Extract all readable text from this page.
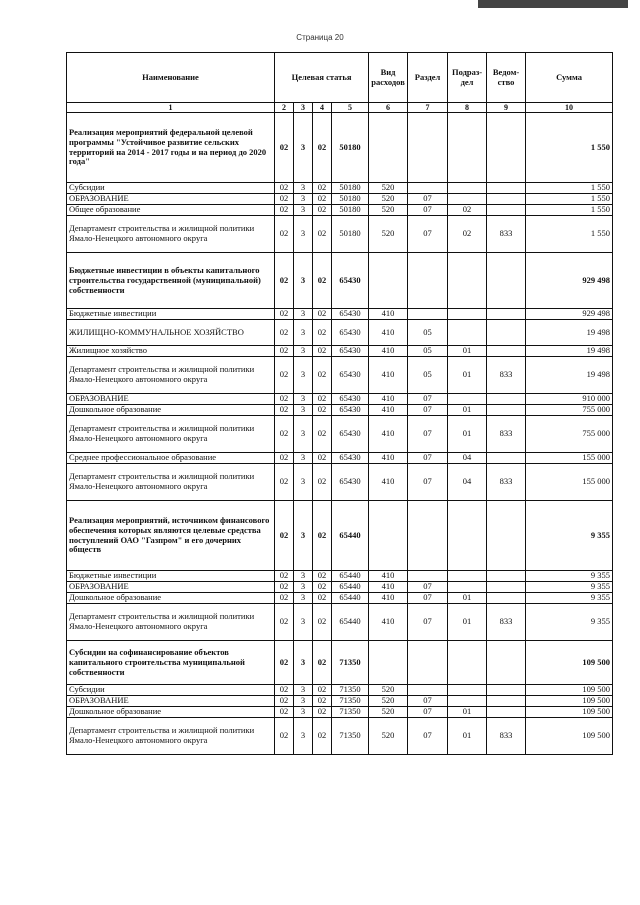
Страница 20
Наименование	Целевая статья				Вид расходов	Раздел	Подраз-дел	Ведом-ство	Сумма
1	2	3	4	5	6	7	8	9	10
Реализация мероприятий федеральной целевой программы "Устойчивое развитие сельских территорий на 2014 - 2017 годы и на период до 2020 года"	02	3	02	50180					1 550
Субсидии	02	3	02	50180	520				1 550
ОБРАЗОВАНИЕ	02	3	02	50180	520	07			1 550
Общее образование	02	3	02	50180	520	07	02		1 550
Департамент строительства и жилищной политики Ямало-Ненецкого автономного округа	02	3	02	50180	520	07	02	833	1 550
Бюджетные инвестиции в объекты капитального строительства государственной (муниципальной) собственности	02	3	02	65430					929 498
Бюджетные инвестиции	02	3	02	65430	410				929 498
ЖИЛИЩНО-КОММУНАЛЬНОЕ ХОЗЯЙСТВО	02	3	02	65430	410	05			19 498
Жилищное хозяйство	02	3	02	65430	410	05	01		19 498
Департамент строительства и жилищной политики Ямало-Ненецкого автономного округа	02	3	02	65430	410	05	01	833	19 498
ОБРАЗОВАНИЕ	02	3	02	65430	410	07			910 000
Дошкольное образование	02	3	02	65430	410	07	01		755 000
Департамент строительства и жилищной политики Ямало-Ненецкого автономного округа	02	3	02	65430	410	07	01	833	755 000
Среднее профессиональное образование	02	3	02	65430	410	07	04		155 000
Департамент строительства и жилищной политики Ямало-Ненецкого автономного округа	02	3	02	65430	410	07	04	833	155 000
Реализация мероприятий, источником финансового обеспечения которых являются целевые средства поступлений ОАО "Газпром" и его дочерних обществ	02	3	02	65440					9 355
Бюджетные инвестиции	02	3	02	65440	410				9 355
ОБРАЗОВАНИЕ	02	3	02	65440	410	07			9 355
Дошкольное образование	02	3	02	65440	410	07	01		9 355
Департамент строительства и жилищной политики Ямало-Ненецкого автономного округа	02	3	02	65440	410	07	01	833	9 355
Субсидии на софинансирование объектов капитального строительства муниципальной собственности	02	3	02	71350					109 500
Субсидии	02	3	02	71350	520				109 500
ОБРАЗОВАНИЕ	02	3	02	71350	520	07			109 500
Дошкольное образование	02	3	02	71350	520	07	01		109 500
Департамент строительства и жилищной политики Ямало-Ненецкого автономного округа	02	3	02	71350	520	07	01	833	109 500
